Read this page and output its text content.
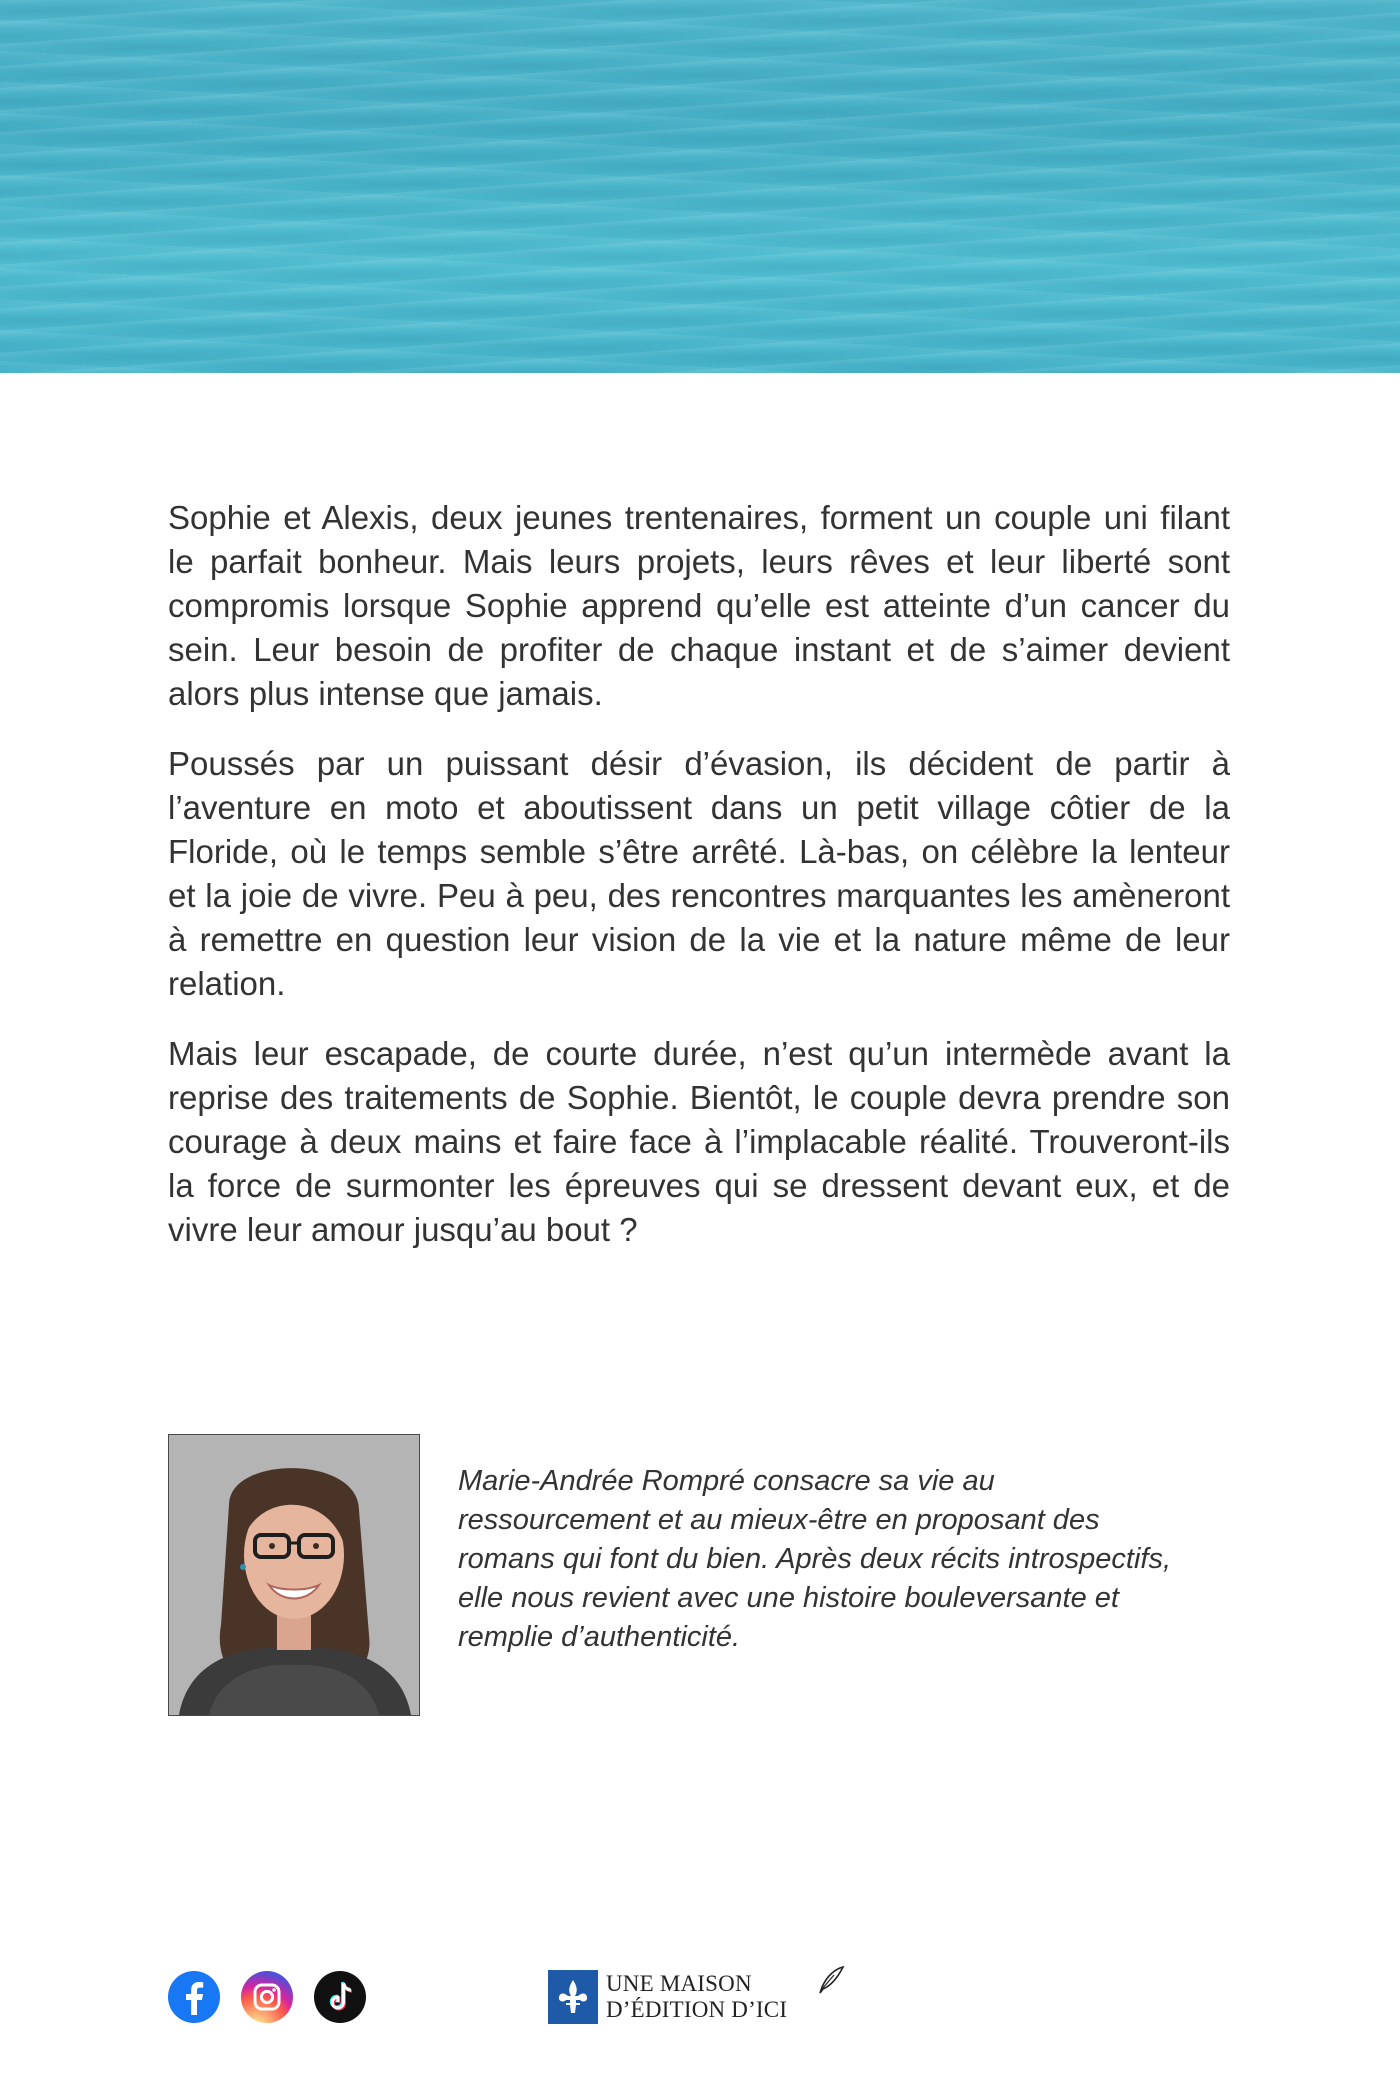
Sophie et Alexis, deux jeunes trentenaires, forment un couple uni filant le parfait bonheur. Mais leurs projets, leurs rêves et leur liberté sont compromis lorsque Sophie apprend qu’elle est atteinte d’un cancer du sein. Leur besoin de profiter de chaque instant et de s’aimer devient alors plus intense que jamais.

Poussés par un puissant désir d’évasion, ils décident de partir à l’aventure en moto et aboutissent dans un petit village côtier de la Floride, où le temps semble s’être arrêté. Là-bas, on célèbre la lenteur et la joie de vivre. Peu à peu, des rencontres marquantes les amèneront à remettre en question leur vision de la vie et la nature même de leur relation.

Mais leur escapade, de courte durée, n’est qu’un intermède avant la reprise des traitements de Sophie. Bientôt, le couple devra prendre son courage à deux mains et faire face à l’implacable réalité. Trouveront-ils la force de surmonter les épreuves qui se dressent devant eux, et de vivre leur amour jusqu’au bout ?

Marie-Andrée Rompré consacre sa vie au ressourcement et au mieux-être en proposant des romans qui font du bien. Après deux récits introspectifs, elle nous revient avec une histoire bouleversante et remplie d’authenticité.
UNE MAISON
D’ÉDITION D’ICI
